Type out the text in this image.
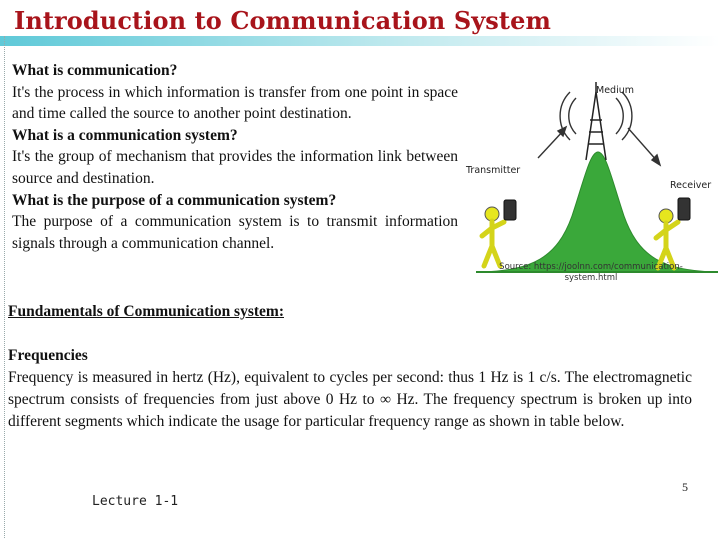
Introduction to Communication System

What is communication?

It's the process in which information is transfer from one point in space and time called the source to another point destination.

What is a communication system?

It's the group of mechanism that provides the information link between source and destination.

What is the purpose of a communication system?

The purpose of a communication system is to transmit information signals through a communication channel.

Medium
Transmitter
Receiver
Source: https://joolnn.com/communication-system.html
Fundamentals of Communication system:

Frequencies

Frequency is measured in hertz (Hz), equivalent to cycles per second: thus 1 Hz is 1 c/s. The electromagnetic spectrum consists of frequencies from just above 0 Hz to ∞ Hz. The frequency spectrum is broken up into different segments which indicate the usage for particular frequency range as shown in table below.

Lecture 1-1
5
